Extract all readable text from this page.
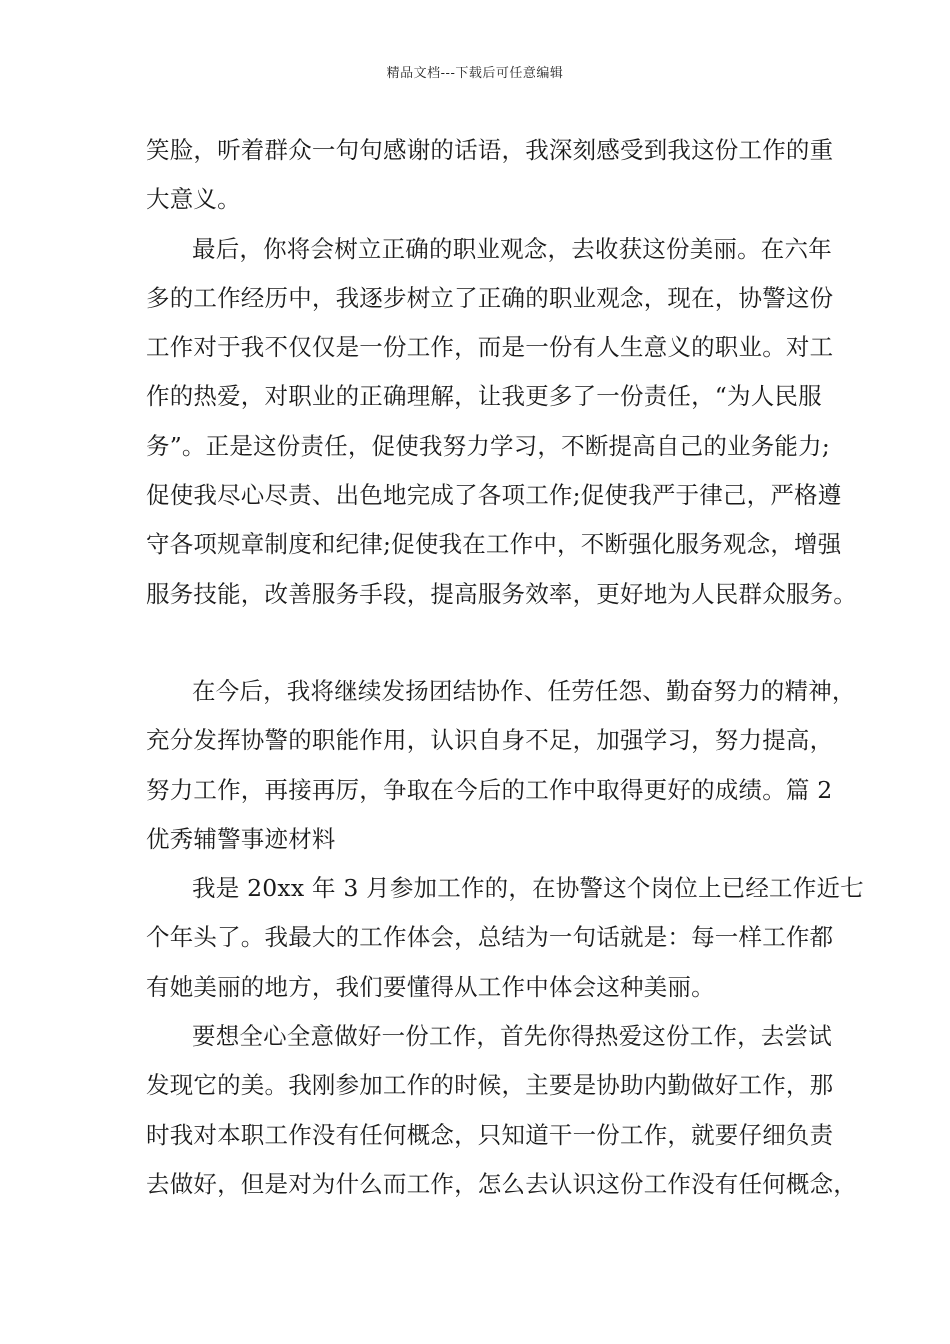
精品文档---下载后可任意编辑
笑脸，听着群众一句句感谢的话语，我深刻感受到我这份工作的重
大意义。
最后，你将会树立正确的职业观念，去收获这份美丽。在六年
多的工作经历中，我逐步树立了正确的职业观念，现在，协警这份
工作对于我不仅仅是一份工作，而是一份有人生意义的职业。对工
作的热爱，对职业的正确理解，让我更多了一份责任，“为人民服
务”。正是这份责任，促使我努力学习，不断提高自己的业务能力;
促使我尽心尽责、出色地完成了各项工作;促使我严于律己，严格遵
守各项规章制度和纪律;促使我在工作中，不断强化服务观念，增强
服务技能，改善服务手段，提高服务效率，更好地为人民群众服务。
在今后，我将继续发扬团结协作、任劳任怨、勤奋努力的精神，
充分发挥协警的职能作用，认识自身不足，加强学习，努力提高，
努力工作，再接再厉，争取在今后的工作中取得更好的成绩。篇 2
优秀辅警事迹材料
我是 20xx 年 3 月参加工作的，在协警这个岗位上已经工作近七
个年头了。我最大的工作体会，总结为一句话就是：每一样工作都
有她美丽的地方，我们要懂得从工作中体会这种美丽。
要想全心全意做好一份工作，首先你得热爱这份工作，去尝试
发现它的美。我刚参加工作的时候，主要是协助内勤做好工作，那
时我对本职工作没有任何概念，只知道干一份工作，就要仔细负责
去做好，但是对为什么而工作，怎么去认识这份工作没有任何概念，
